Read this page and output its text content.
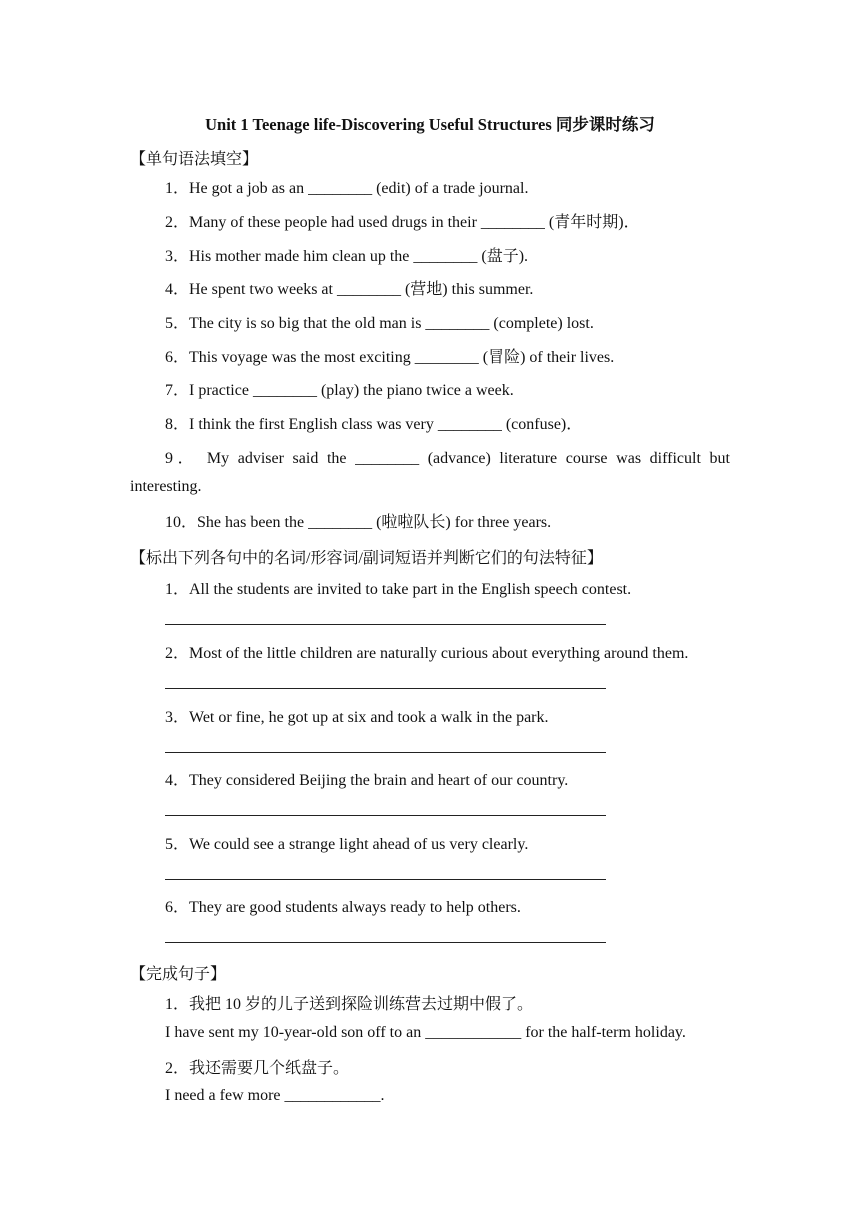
Unit 1 Teenage life-Discovering Useful Structures 同步课时练习
【单句语法填空】
1．He got a job as an ________ (edit) of a trade journal.
2．Many of these people had used drugs in their ________ (青年时期)．
3．His mother made him clean up the ________ (盘子).
4．He spent two weeks at ________ (营地) this summer.
5．The city is so big that the old man is ________ (complete) lost.
6．This voyage was the most exciting ________ (冒险) of their lives.
7．I practice ________ (play) the piano twice a week.
8．I think the first English class was very ________ (confuse)．
9． My adviser said the ________ (advance) literature course was difficult but
interesting.
10．She has been the ________ (啦啦队长) for three years.
【标出下列各句中的名词/形容词/副词短语并判断它们的句法特征】
1．All the students are invited to take part in the English speech contest.
2．Most of the little children are naturally curious about everything around them.
3．Wet or fine, he got up at six and took a walk in the park.
4．They considered Beijing the brain and heart of our country.
5．We could see a strange light ahead of us very clearly.
6．They are good students always ready to help others.
【完成句子】
1．我把 10 岁的儿子送到探险训练营去过期中假了。
I have sent my 10-year-old son off to an ____________ for the half-term holiday.
2．我还需要几个纸盘子。
I need a few more ____________.
